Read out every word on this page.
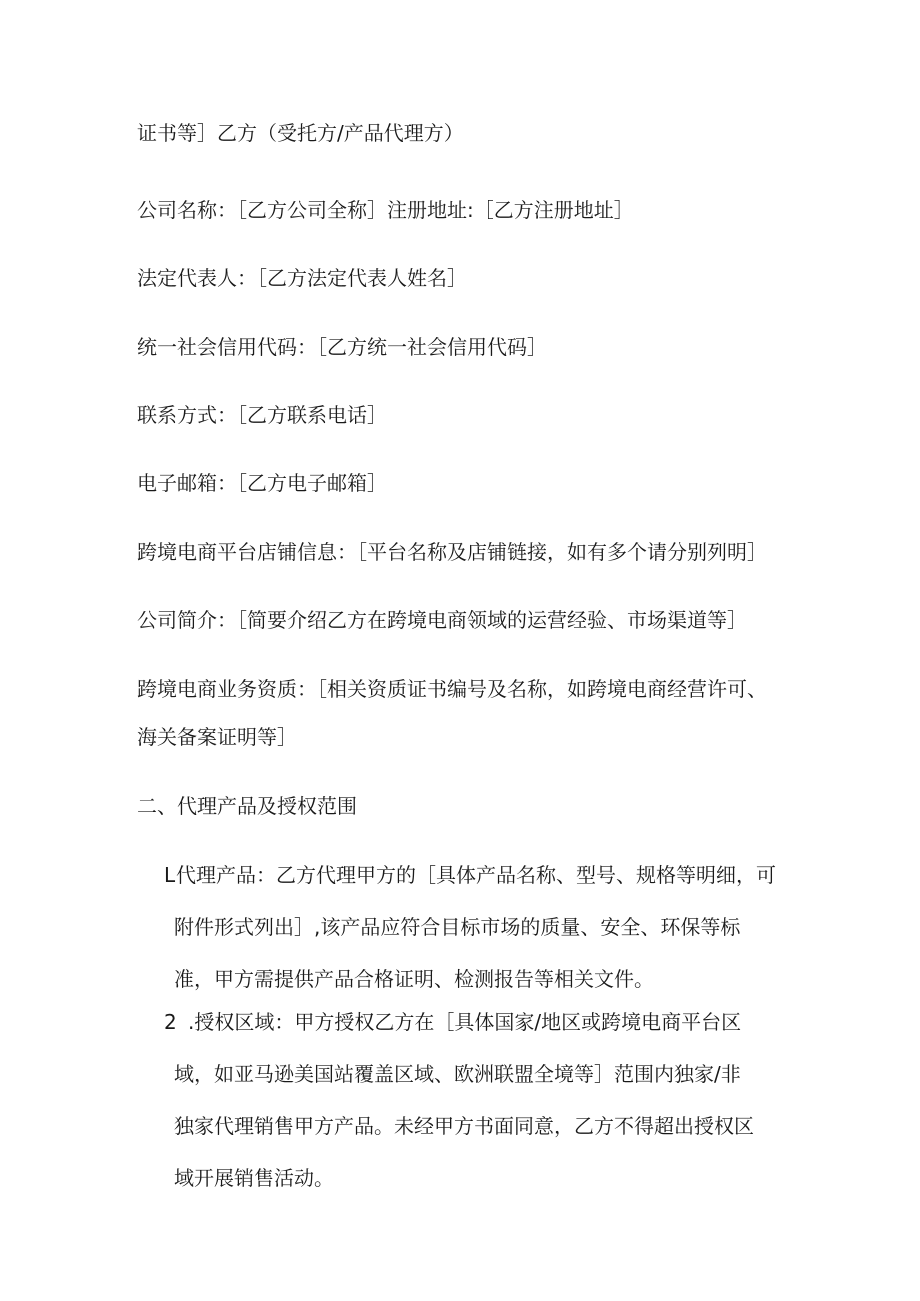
证书等］乙方（受托方/产品代理方）
公司名称：［乙方公司全称］注册地址:［乙方注册地址］
法定代表人：［乙方法定代表人姓名］
统一社会信用代码：［乙方统一社会信用代码］
联系方式：［乙方联系电话］
电子邮箱：［乙方电子邮箱］
跨境电商平台店铺信息：［平台名称及店铺链接，如有多个请分别列明］
公司简介：［简要介绍乙方在跨境电商领域的运营经验、市场渠道等］
跨境电商业务资质：［相关资质证书编号及名称，如跨境电商经营许可、
海关备案证明等］
二、代理产品及授权范围
L 代理产品：乙方代理甲方的［具体产品名称、型号、规格等明细，可
附件形式列出］,该产品应符合目标市场的质量、安全、环保等标
准，甲方需提供产品合格证明、检测报告等相关文件。
2 .授权区域：甲方授权乙方在［具体国家/地区或跨境电商平台区
域，如亚马逊美国站覆盖区域、欧洲联盟全境等］范围内独家/非
独家代理销售甲方产品。未经甲方书面同意，乙方不得超出授权区
域开展销售活动。
